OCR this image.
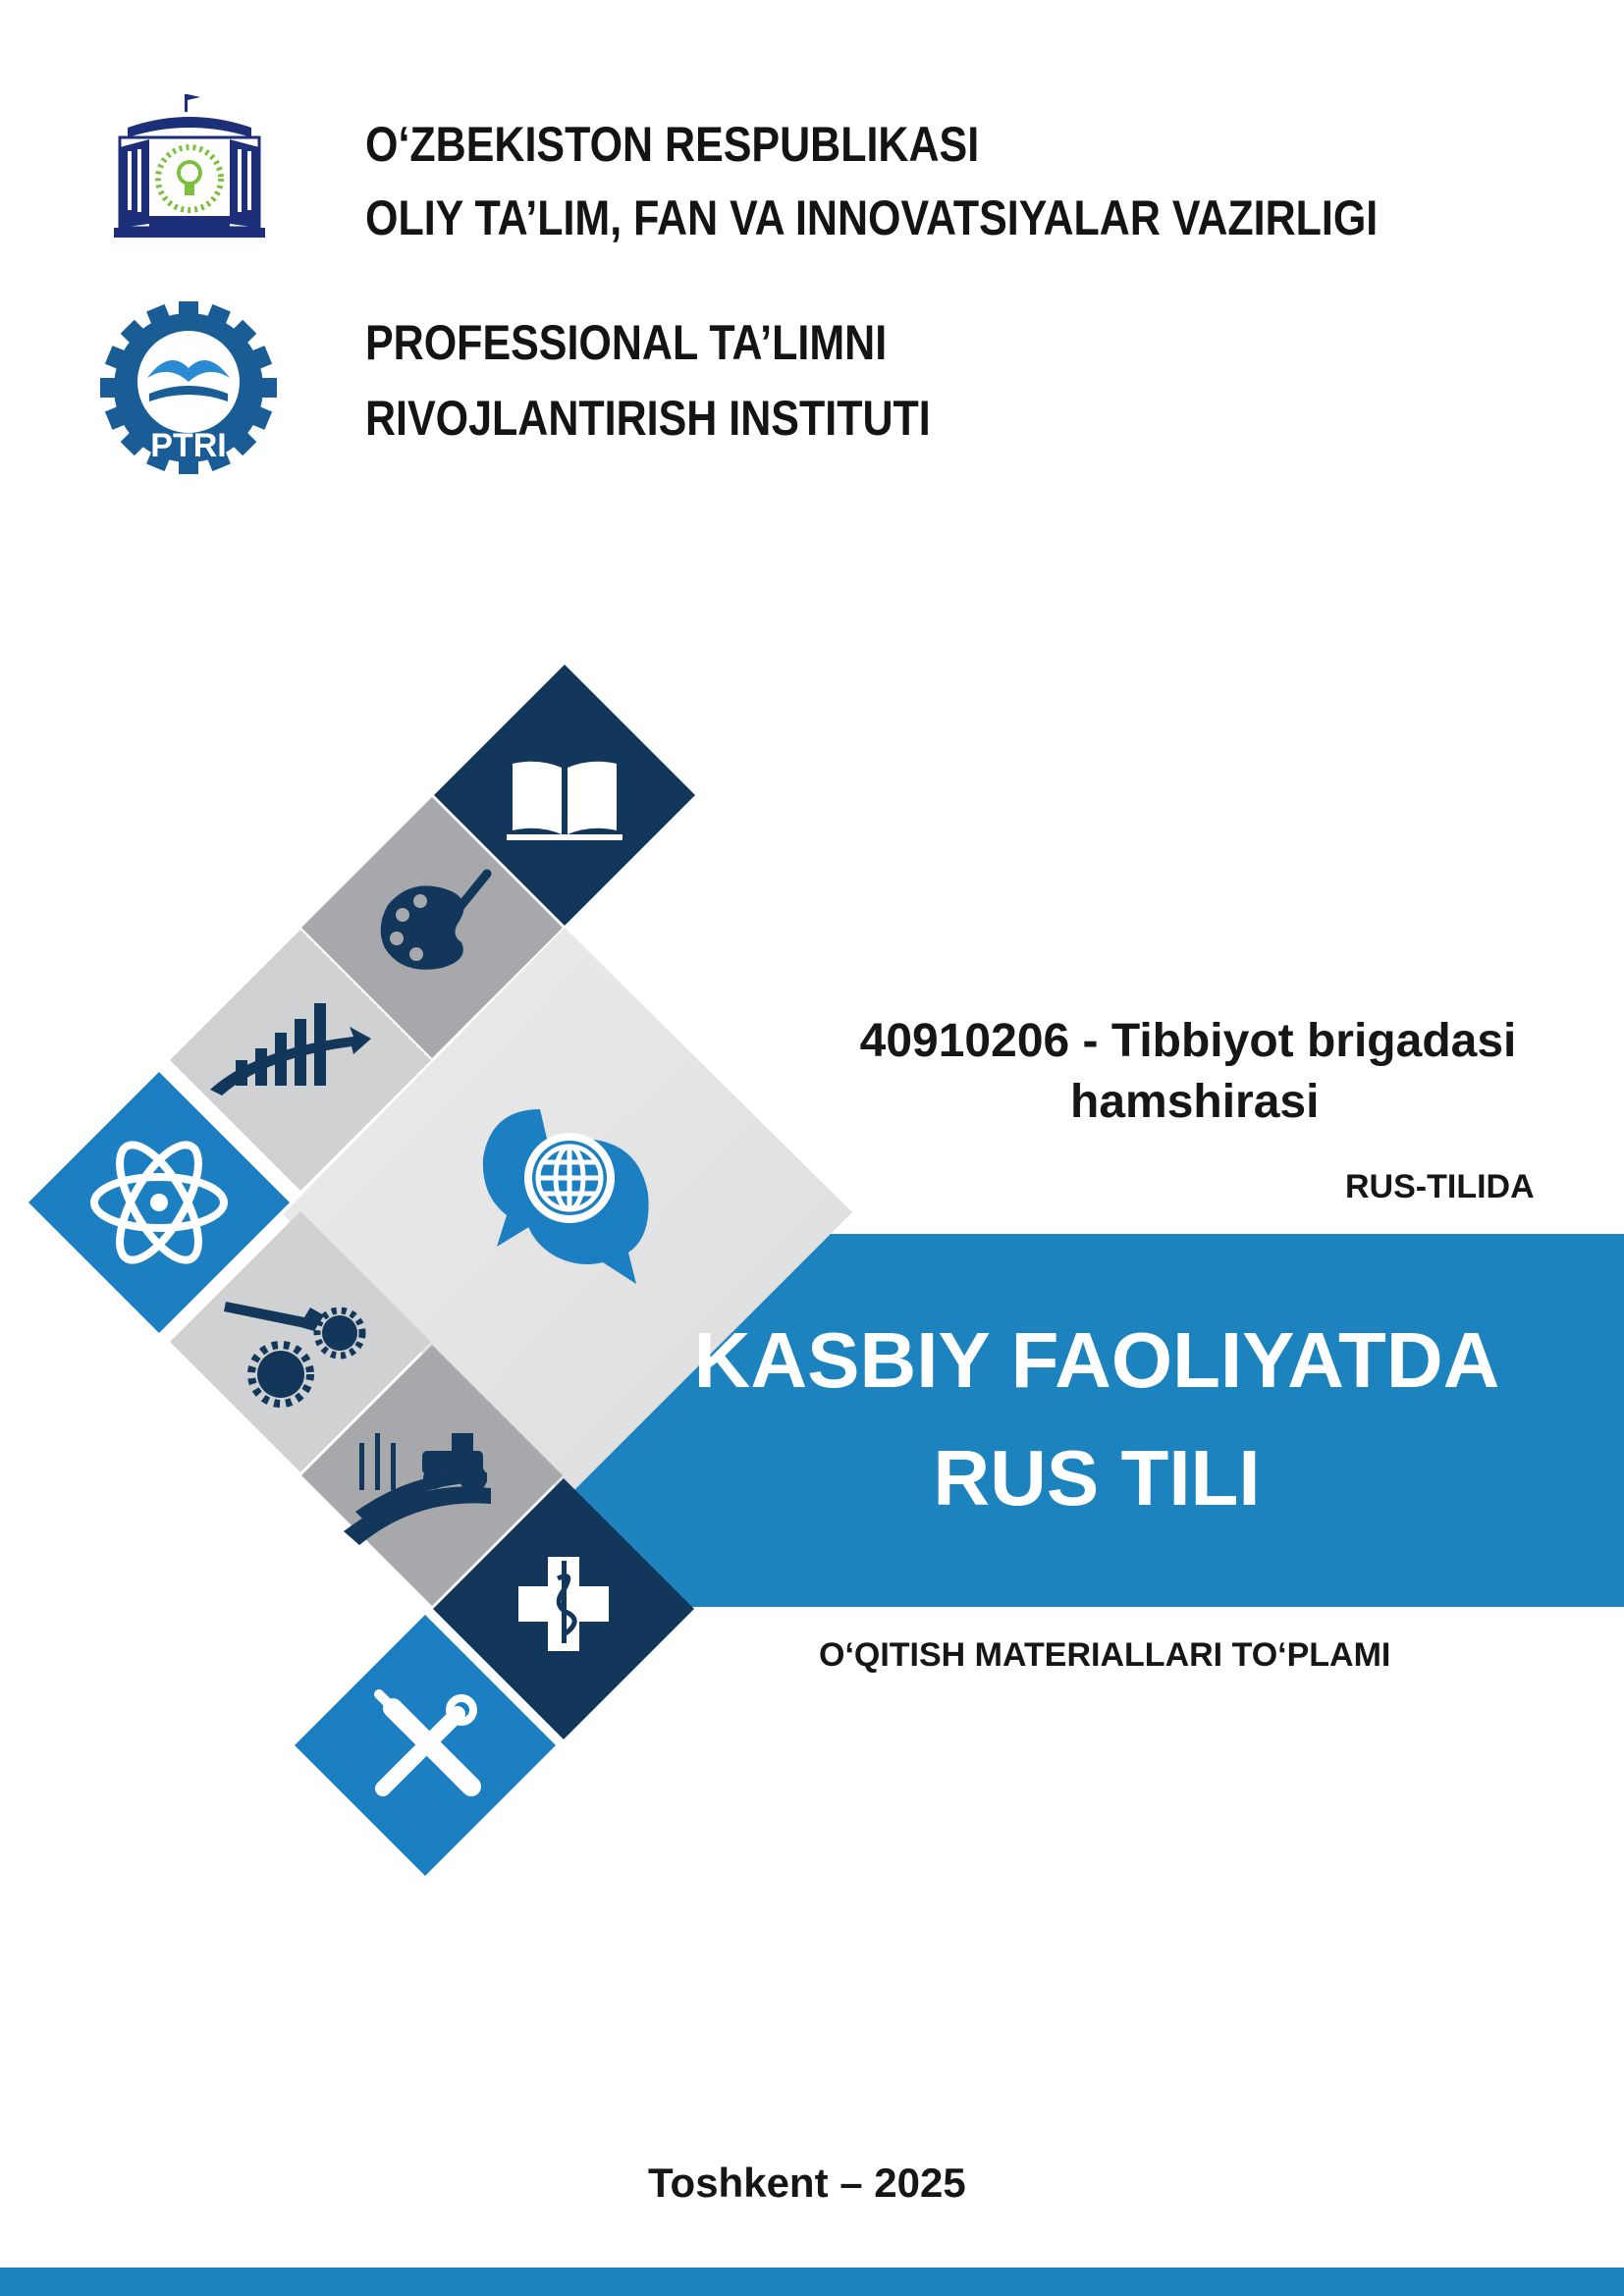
PTRI
O‘ZBEKISTON RESPUBLIKASI
OLIY TA’LIM, FAN VA INNOVATSIYALAR VAZIRLIGI
PROFESSIONAL TA’LIMNI
RIVOJLANTIRISH INSTITUTI
40910206 - Tibbiyot brigadasi
hamshirasi
RUS-TILIDA
KASBIY FAOLIYATDA
RUS TILI
O‘QITISH MATERIALLARI TO‘PLAMI
Toshkent – 2025
